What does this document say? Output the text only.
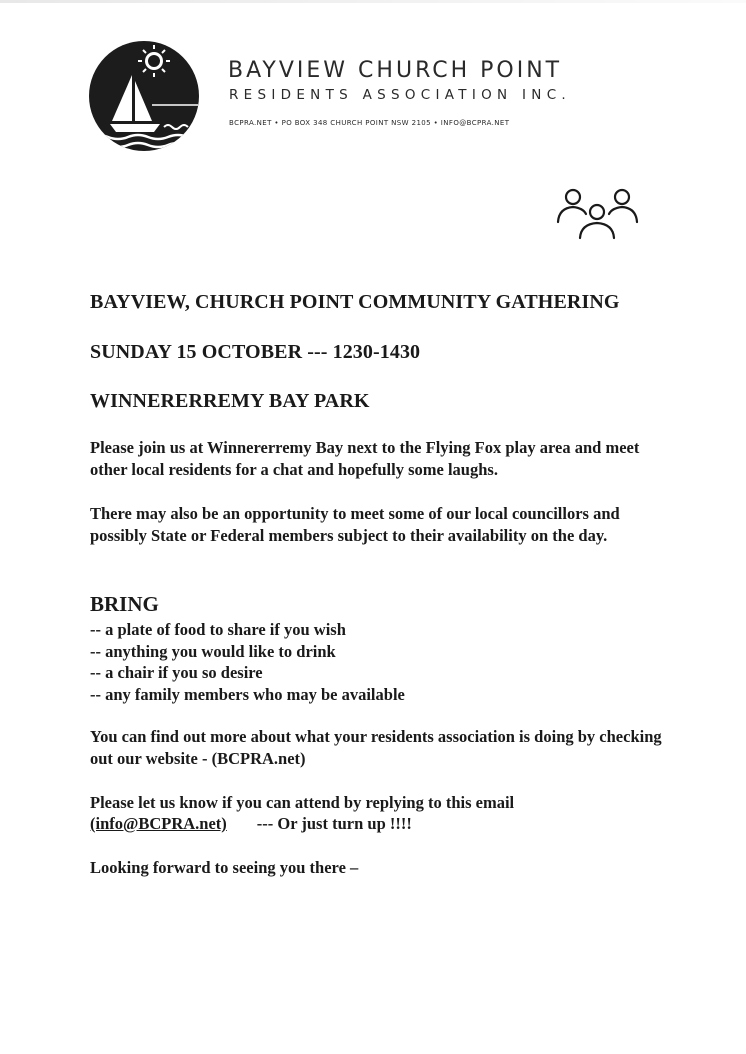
BAYVIEW CHURCH POINT
RESIDENTS ASSOCIATION INC.
BCPRA.NET • PO BOX 348 CHURCH POINT NSW 2105 • INFO@BCPRA.NET
BAYVIEW, CHURCH POINT COMMUNITY GATHERING
SUNDAY 15 OCTOBER --- 1230-1430
WINNERERREMY BAY PARK
Please join us at Winnererremy Bay next to the Flying Fox play area and meet other local residents for a chat and hopefully some laughs.
There may also be an opportunity to meet some of our local councillors and possibly State or Federal members subject to their availability on the day.
BRING
-- a plate of food to share if you wish
-- anything you would like to drink
-- a chair if you so desire
-- any family members who may be available
You can find out more about what your residents association is doing by checking out our website - (BCPRA.net)
Please let us know if you can attend by replying to this email
(info@BCPRA.net) --- Or just turn up !!!!
Looking forward to seeing you there –
